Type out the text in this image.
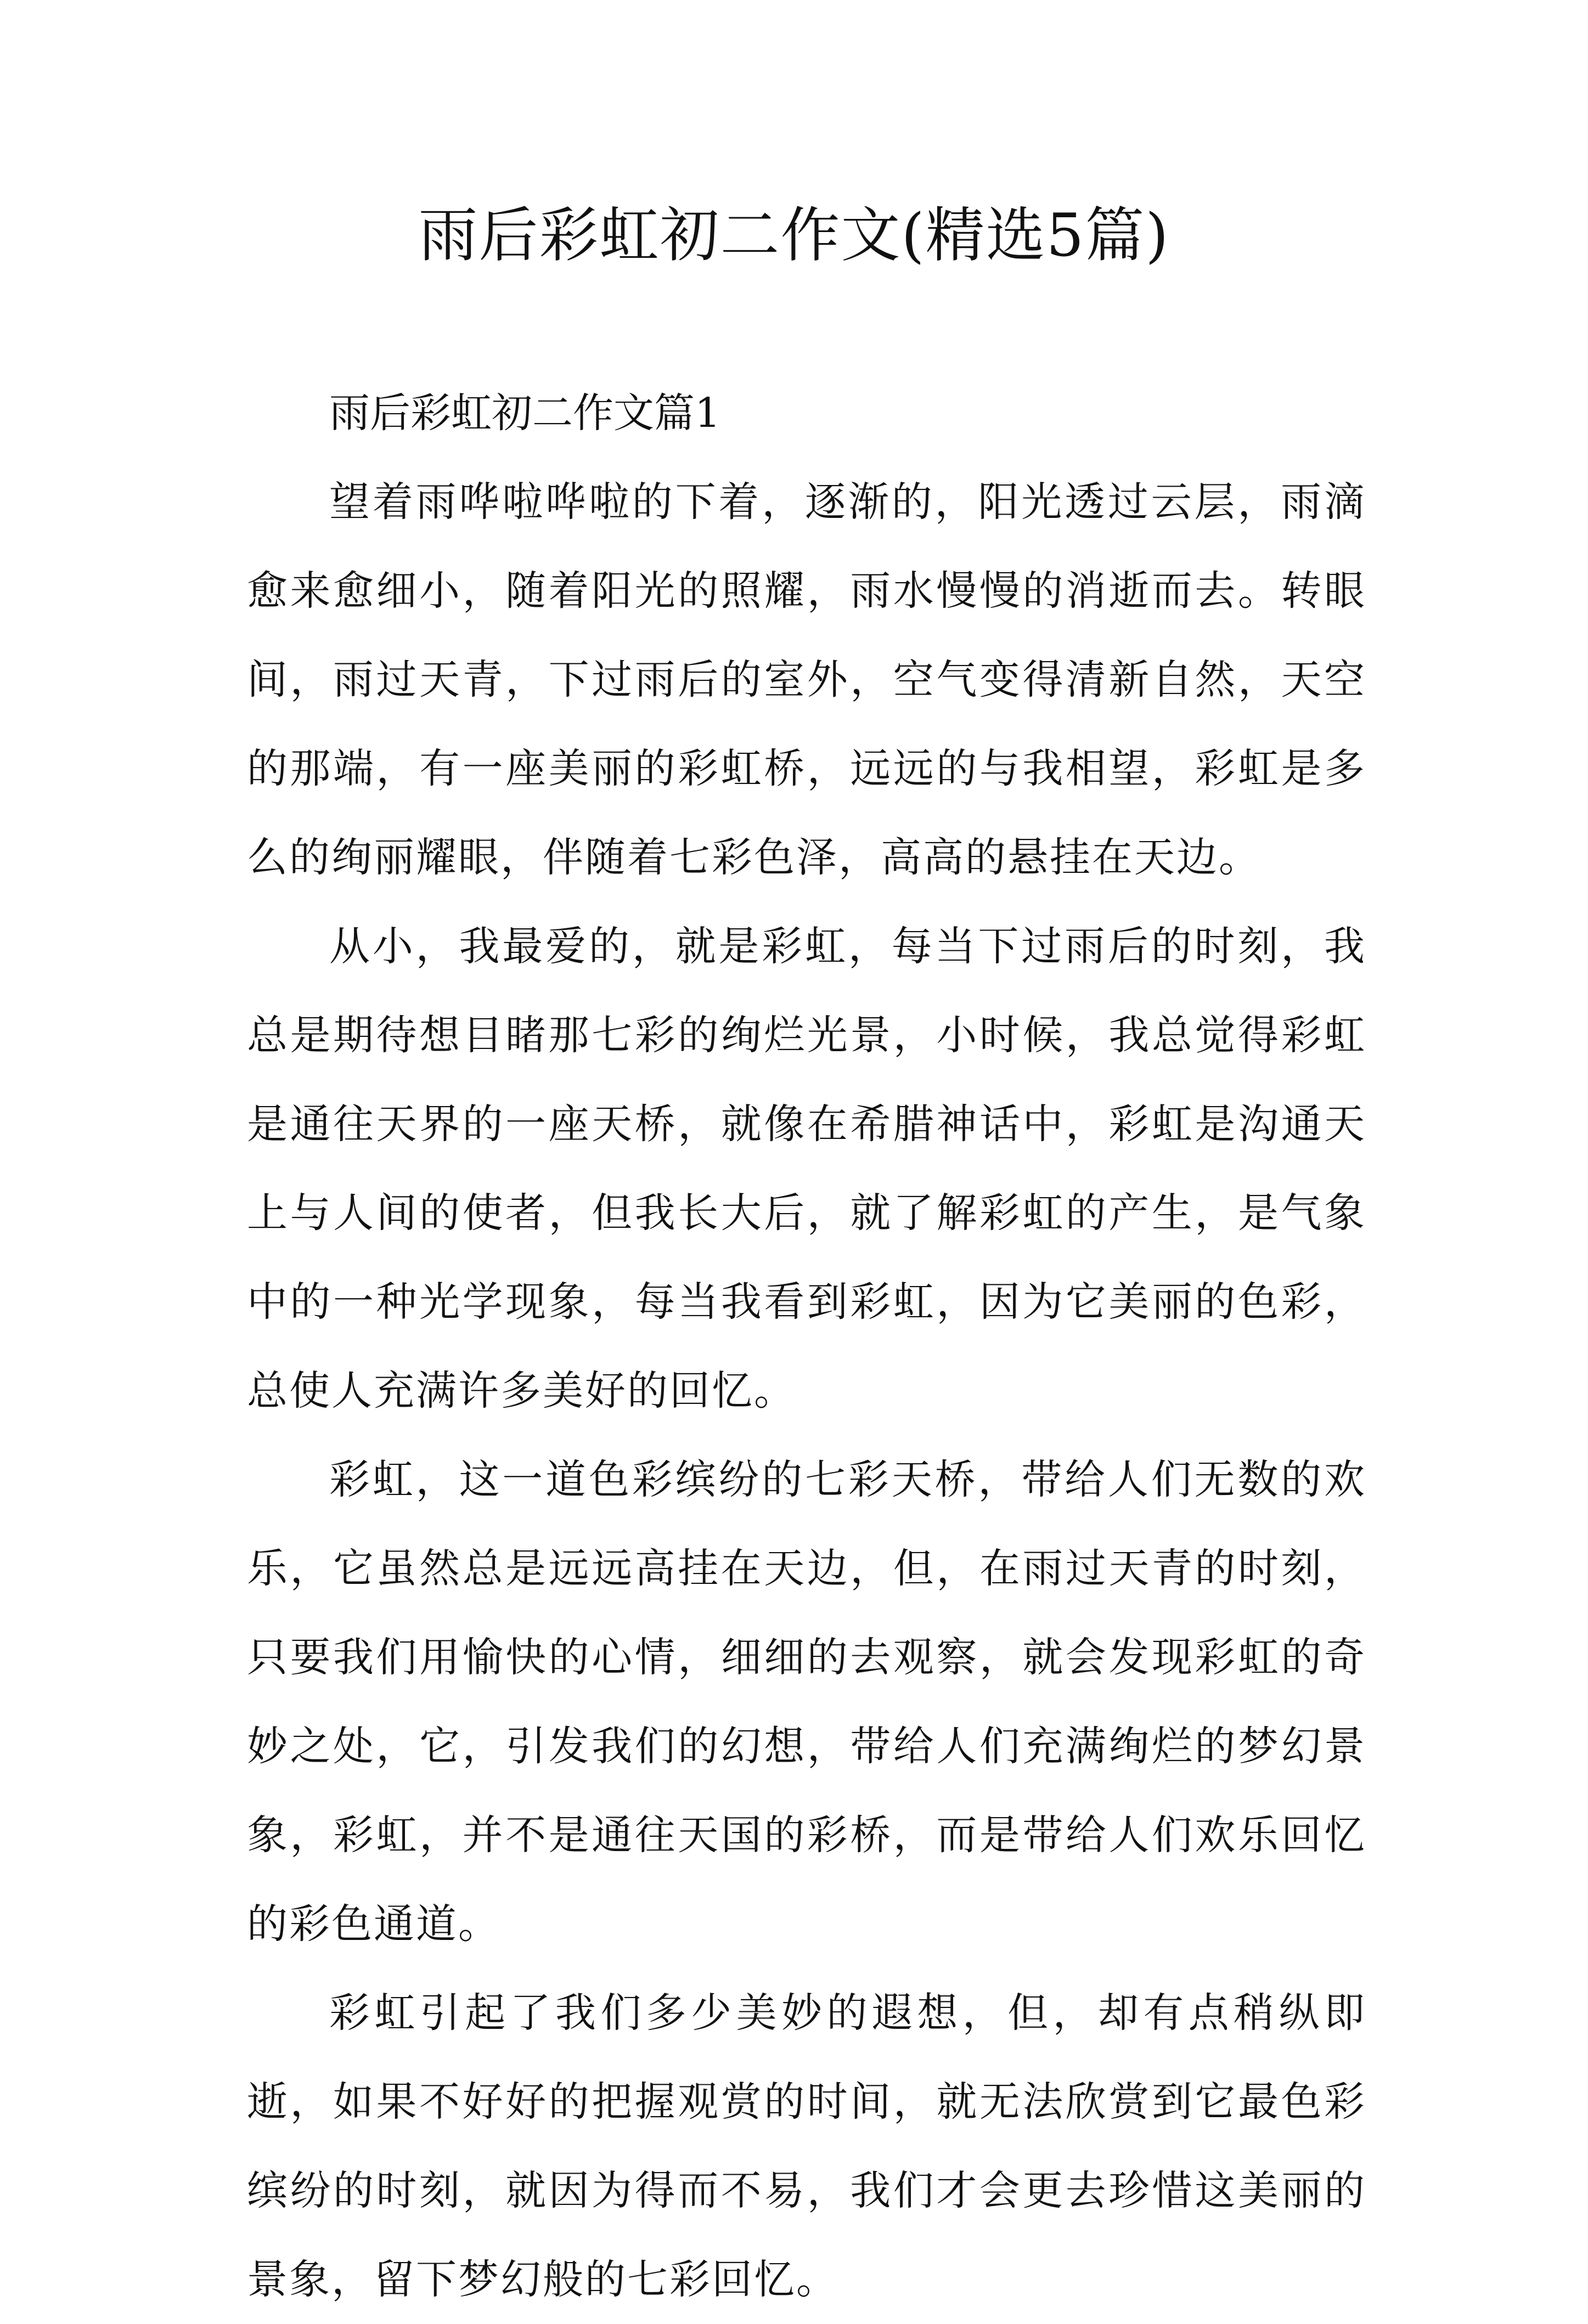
雨后彩虹初二作文(精选5篇)

雨后彩虹初二作文篇1

望着雨哗啦哗啦的下着，逐渐的，阳光透过云层，雨滴愈来愈细小，随着阳光的照耀，雨水慢慢的消逝而去。转眼间，雨过天青，下过雨后的室外，空气变得清新自然，天空的那端，有一座美丽的彩虹桥，远远的与我相望，彩虹是多么的绚丽耀眼，伴随着七彩色泽，高高的悬挂在天边。

从小，我最爱的，就是彩虹，每当下过雨后的时刻，我总是期待想目睹那七彩的绚烂光景，小时候，我总觉得彩虹是通往天界的一座天桥，就像在希腊神话中，彩虹是沟通天上与人间的使者，但我长大后，就了解彩虹的产生，是气象中的一种光学现象，每当我看到彩虹，因为它美丽的色彩，总使人充满许多美好的回忆。

彩虹，这一道色彩缤纷的七彩天桥，带给人们无数的欢乐，它虽然总是远远高挂在天边，但，在雨过天青的时刻，只要我们用愉快的心情，细细的去观察，就会发现彩虹的奇妙之处，它，引发我们的幻想，带给人们充满绚烂的梦幻景象，彩虹，并不是通往天国的彩桥，而是带给人们欢乐回忆的彩色通道。

彩虹引起了我们多少美妙的遐想，但，却有点稍纵即逝，如果不好好的把握观赏的时间，就无法欣赏到它最色彩缤纷的时刻，就因为得而不易，我们才会更去珍惜这美丽的景象，留下梦幻般的七彩回忆。
